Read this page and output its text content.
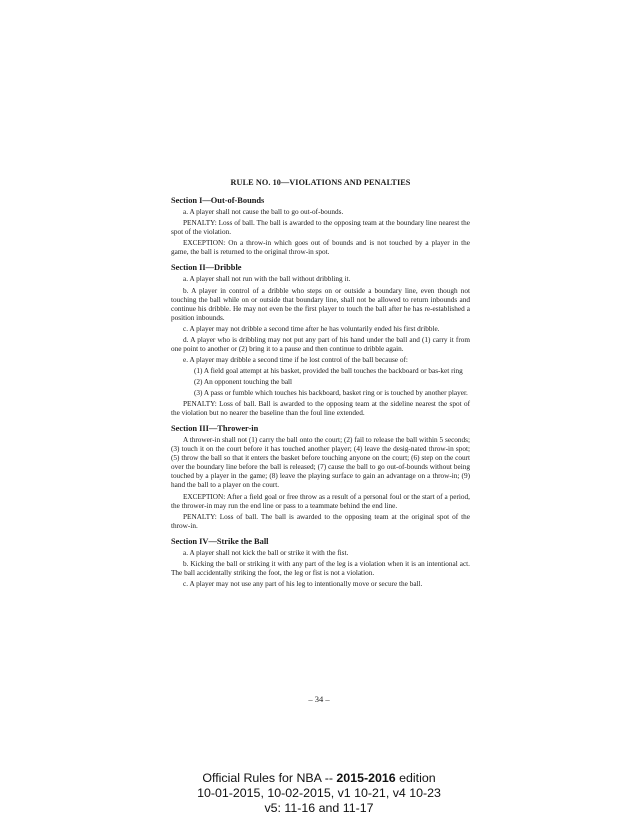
RULE NO. 10—VIOLATIONS AND PENALTIES
Section I—Out-of-Bounds

a. A player shall not cause the ball to go out-of-bounds.

PENALTY: Loss of ball. The ball is awarded to the opposing team at the boundary line nearest the spot of the violation.

EXCEPTION: On a throw-in which goes out of bounds and is not touched by a player in the game, the ball is returned to the original throw-in spot.

Section II—Dribble

a. A player shall not run with the ball without dribbling it.

b. A player in control of a dribble who steps on or outside a boundary line, even though not touching the ball while on or outside that boundary line, shall not be allowed to return inbounds and continue his dribble. He may not even be the first player to touch the ball after he has re-established a position inbounds.

c. A player may not dribble a second time after he has voluntarily ended his first dribble.

d. A player who is dribbling may not put any part of his hand under the ball and (1) carry it from one point to another or (2) bring it to a pause and then continue to dribble again.

e. A player may dribble a second time if he lost control of the ball because of:

(1) A field goal attempt at his basket, provided the ball touches the backboard or bas-ket ring

(2) An opponent touching the ball

(3) A pass or fumble which touches his backboard, basket ring or is touched by another player.

PENALTY: Loss of ball. Ball is awarded to the opposing team at the sideline nearest the spot of the violation but no nearer the baseline than the foul line extended.

Section III—Thrower-in

A thrower-in shall not (1) carry the ball onto the court; (2) fail to release the ball within 5 seconds; (3) touch it on the court before it has touched another player; (4) leave the desig-nated throw-in spot; (5) throw the ball so that it enters the basket before touching anyone on the court; (6) step on the court over the boundary line before the ball is released; (7) cause the ball to go out-of-bounds without being touched by a player in the game; (8) leave the playing surface to gain an advantage on a throw-in; (9) hand the ball to a player on the court.

EXCEPTION: After a field goal or free throw as a result of a personal foul or the start of a period, the thrower-in may run the end line or pass to a teammate behind the end line.

PENALTY: Loss of ball. The ball is awarded to the opposing team at the original spot of the throw-in.

Section IV—Strike the Ball

a. A player shall not kick the ball or strike it with the fist.

b. Kicking the ball or striking it with any part of the leg is a violation when it is an intentional act. The ball accidentally striking the foot, the leg or fist is not a violation.

c. A player may not use any part of his leg to intentionally move or secure the ball.

– 34 –
Official Rules for NBA -- 2015-2016 edition
10-01-2015, 10-02-2015, v1 10-21, v4 10-23
v5: 11-16 and 11-17
